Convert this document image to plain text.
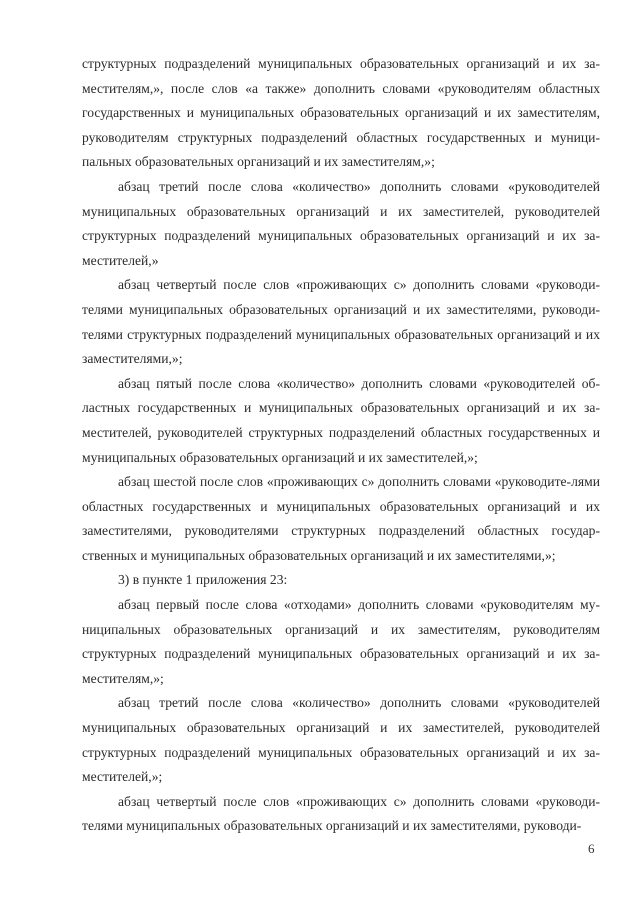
структурных подразделений муниципальных образовательных организаций и их за-местителям,», после слов «а также» дополнить словами «руководителям областных государственных и муниципальных образовательных организаций и их заместителям, руководителям структурных подразделений областных государственных и муници-пальных образовательных организаций и их заместителям,»;

абзац третий после слова «количество» дополнить словами «руководителей муниципальных образовательных организаций и их заместителей, руководителей структурных подразделений муниципальных образовательных организаций и их за-местителей,»

абзац четвертый после слов «проживающих с» дополнить словами «руководи-телями муниципальных образовательных организаций и их заместителями, руководи-телями структурных подразделений муниципальных образовательных организаций и их заместителями,»;

абзац пятый после слова «количество» дополнить словами «руководителей об-ластных государственных и муниципальных образовательных организаций и их за-местителей, руководителей структурных подразделений областных государственных и муниципальных образовательных организаций и их заместителей,»;

абзац шестой после слов «проживающих с» дополнить словами «руководите-лями областных государственных и муниципальных образовательных организаций и их заместителями, руководителями структурных подразделений областных государ-ственных и муниципальных образовательных организаций и их заместителями,»;

3) в пункте 1 приложения 23:

абзац первый после слова «отходами» дополнить словами «руководителям му-ниципальных образовательных организаций и их заместителям, руководителям структурных подразделений муниципальных образовательных организаций и их за-местителям,»;

абзац третий после слова «количество» дополнить словами «руководителей муниципальных образовательных организаций и их заместителей, руководителей структурных подразделений муниципальных образовательных организаций и их за-местителей,»;

абзац четвертый после слов «проживающих с» дополнить словами «руководи-телями муниципальных образовательных организаций и их заместителями, руководи-

6
